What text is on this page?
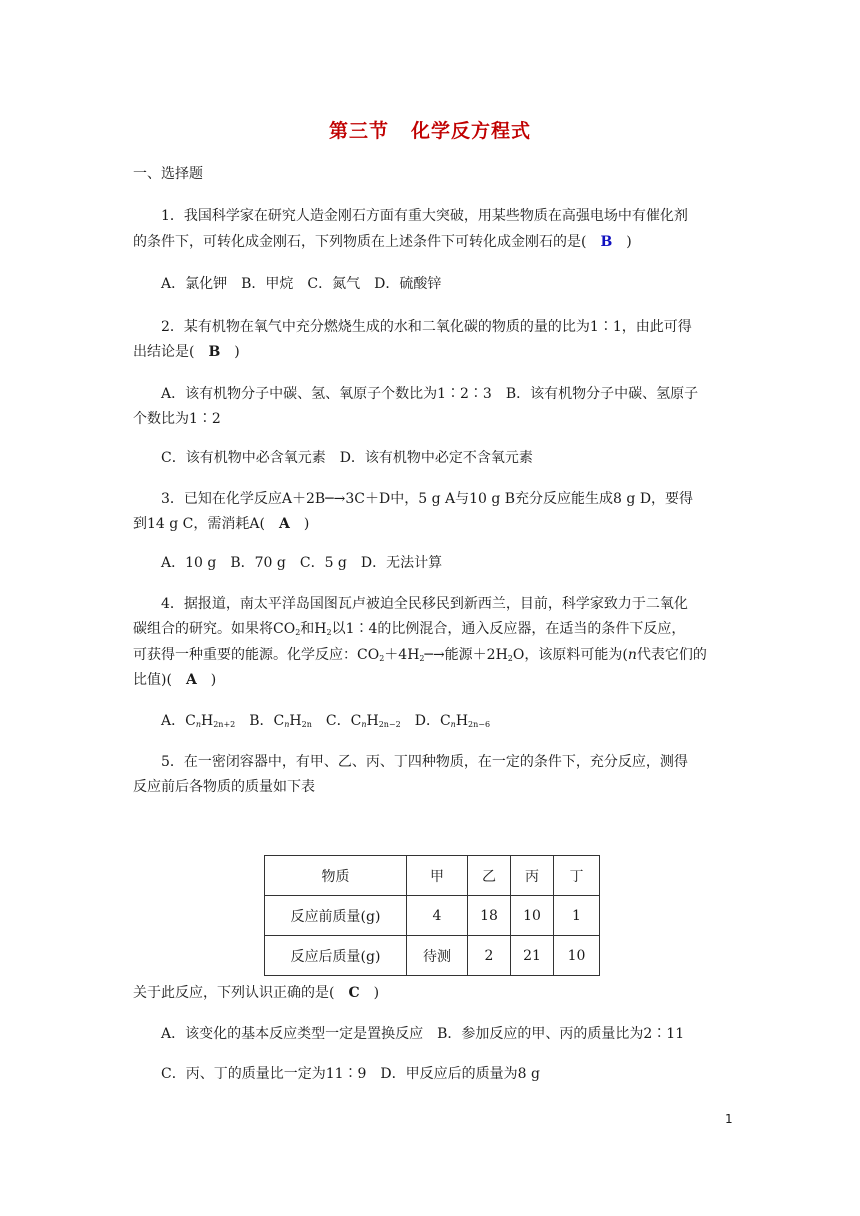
第三节 化学反方程式
一、选择题
1．我国科学家在研究人造金刚石方面有重大突破，用某些物质在高强电场中有催化剂
的条件下，可转化成金刚石，下列物质在上述条件下可转化成金刚石的是(　B　)
A．氯化钾　B．甲烷　C．氮气　D．硫酸锌
2．某有机物在氧气中充分燃烧生成的水和二氧化碳的物质的量的比为1∶1，由此可得
出结论是(　B　)
A．该有机物分子中碳、氢、氧原子个数比为1∶2∶3　B．该有机物分子中碳、氢原子
个数比为1∶2
C．该有机物中必含氧元素　D．该有机物中必定不含氧元素
3．已知在化学反应A＋2B─→3C＋D中，5 g A与10 g B充分反应能生成8 g D，要得
到14 g C，需消耗A(　A　)
A．10 g　B．70 g　C．5 g　D．无法计算
4．据报道，南太平洋岛国图瓦卢被迫全民移民到新西兰，目前，科学家致力于二氧化
碳组合的研究。如果将$CO_2$和$H_2$以1∶4的比例混合，通入反应器，在适当的条件下反应，
可获得一种重要的能源。化学反应：$CO_2+4H_2─\to$能源$+2H_2O$，该原料可能为(n代表它们的
比值)(　A　)
A．$C_nH_{2n+2}$　B．$C_nH_{2n}$　C．$C_nH_{2n-2}$　D．$C_nH_{2n-6}$
5．在一密闭容器中，有甲、乙、丙、丁四种物质，在一定的条件下，充分反应，测得
反应前后各物质的质量如下表
物质	甲	乙	丙	丁
反应前质量(g)	4	18	10	1
反应后质量(g)	待测	2	21	10
关于此反应，下列认识正确的是(　C　)
A．该变化的基本反应类型一定是置换反应　B．参加反应的甲、丙的质量比为2∶11
C．丙、丁的质量比一定为11∶9　D．甲反应后的质量为8 g
1
